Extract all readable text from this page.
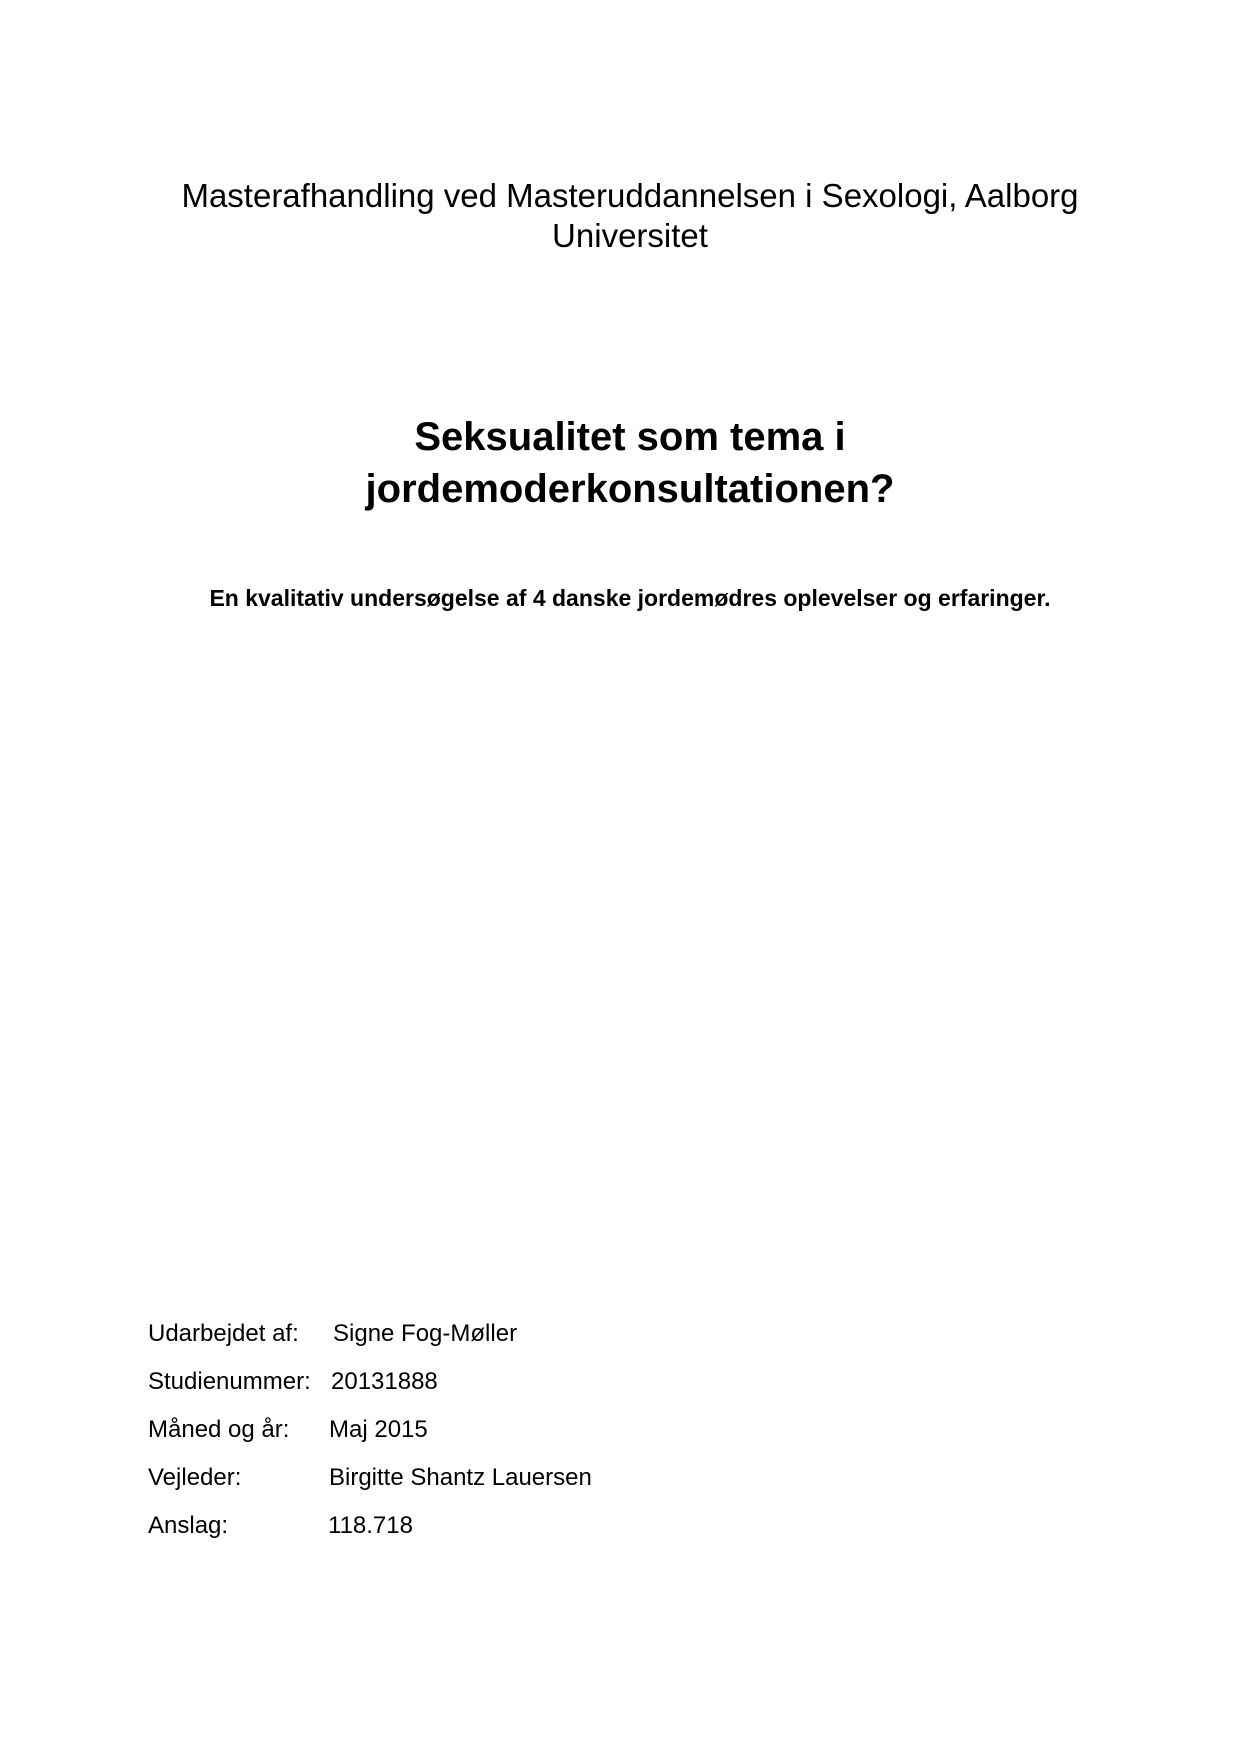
Masterafhandling ved Masteruddannelsen i Sexologi, Aalborg Universitet
Seksualitet som tema i
jordemoderkonsultationen?
En kvalitativ undersøgelse af 4 danske jordemødres oplevelser og erfaringer.
Udarbejdet af: Signe Fog-Møller
Studienummer: 20131888
Måned og år: Maj 2015
Vejleder:	Birgitte Shantz Lauersen
Anslag:	118.718
